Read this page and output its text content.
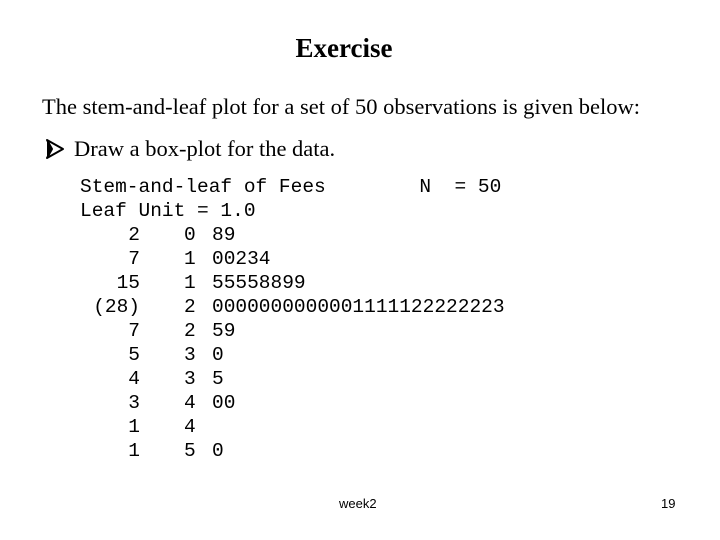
Exercise
The stem-and-leaf plot for a set of 50 observations is given below:
Draw a box-plot for the data.
Stem-and-leaf of Fees        N  = 50
Leaf Unit = 1.0
2 0 89
7 1 00234
15 1 55558899
(28) 2 0000000000001111122222223
7 2 59
5 3 0
4 3 5
3 4 00
1 4
1 5 0
week2	19
